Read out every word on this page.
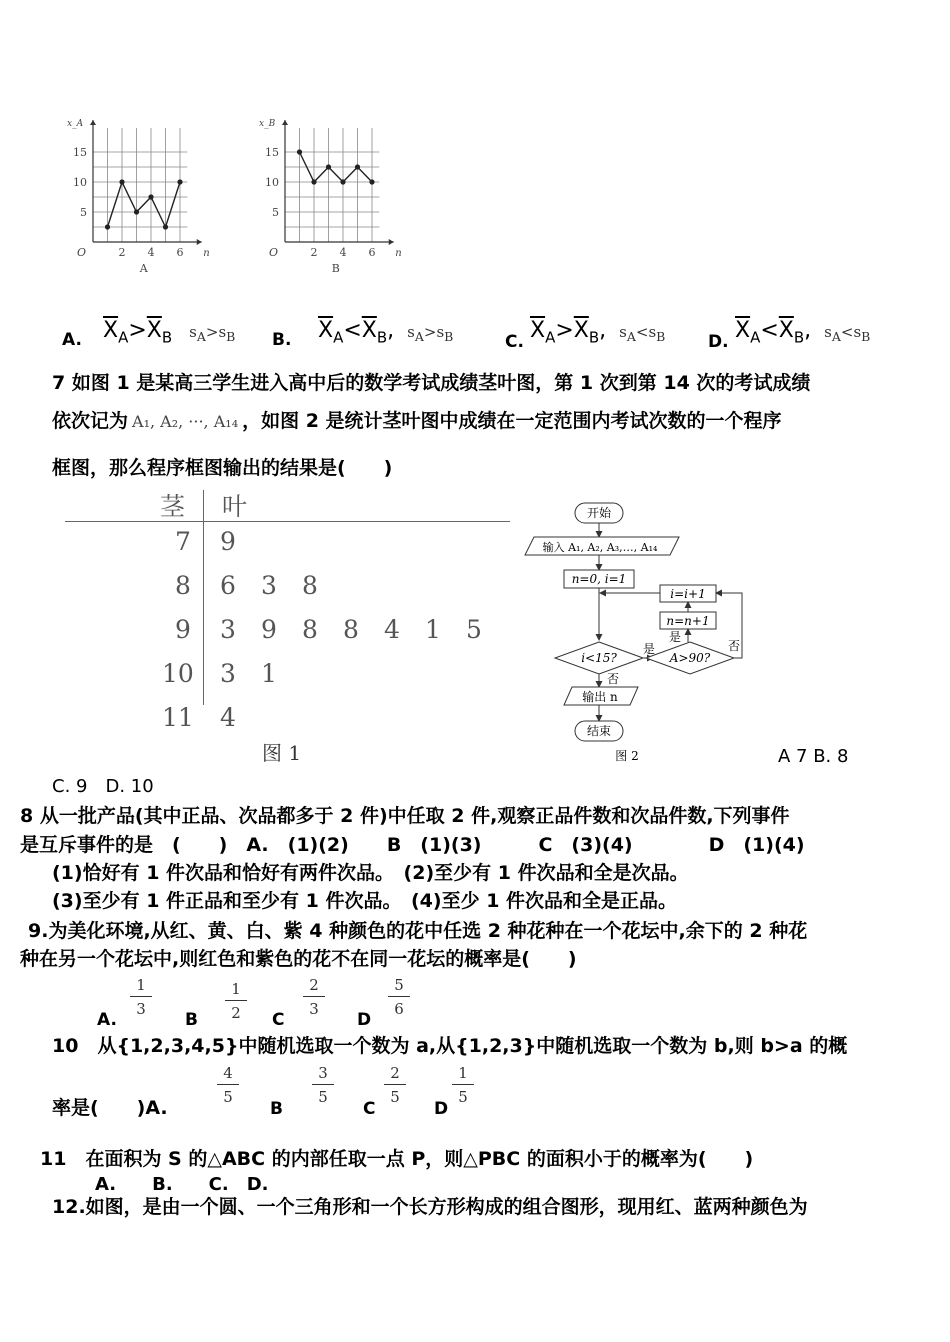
x_A
n
O
5
10
15
2 4 6
A
x_B
n
O
5
10
15
2 4 6
B
A. $\overline{X}_A>\overline{X}_B$ $s_A>s_B$ B. $\overline{X}_A<\overline{X}_B$, $s_A>s_B$	C. $\overline{X}_A>\overline{X}_B$, $s_A<s_B$	D. $\overline{X}_A<\overline{X}_B$, $s_A<s_B$
7 如图 1 是某高三学生进入高中后的数学考试成绩茎叶图，第 1 次到第 14 次的考试成绩
依次记为 A₁, A₂, ···, A₁₄ ，如图 2 是统计茎叶图中成绩在一定范围内考试次数的一个程序
框图，那么程序框图输出的结果是(　　)
茎 叶
7 9
8 6 3 8
9 3 9 8 8 4 1 5
10 3 1
11 4
图 1
开始
输入 A₁, A₂, A₃,…, A₁₄
n=0, i=1
i=i+1
n=n+1
i<15?
是
A>90?
是
否
否
输出 n
结束
图 2	A 7 B. 8
C. 9　D. 10
8 从一批产品(其中正品、次品都多于 2 件)中任取 2 件,观察正品件数和次品件数,下列事件
是互斥事件的是　(　　)　A.　(1)(2)　　B　(1)(3)　　　C　(3)(4)　　　　D　(1)(4)
(1)恰好有 1 件次品和恰好有两件次品。　(2)至少有 1 件次品和全是次品。
(3)至少有 1 件正品和至少有 1 件次品。　(4)至少 1 件次品和全是正品。
9.为美化环境,从红、黄、白、紫 4 种颜色的花中任选 2 种花种在一个花坛中,余下的 2 种花
种在另一个花坛中,则红色和紫色的花不在同一花坛的概率是(　　)
A.
$\frac{1}{3}$
B $\frac{1}{2}$ C
$\frac{2}{3}$
D
$\frac{5}{6}$
10　从{1,2,3,4,5}中随机选取一个数为 a,从{1,2,3}中随机选取一个数为 b,则 b>a 的概
率是(　　)A.
$\frac{4}{5}$
B
$\frac{3}{5}$
C
$\frac{2}{5}$
D
$\frac{1}{5}$
11　在面积为 S 的△ABC 的内部任取一点 P，则△PBC 的面积小于的概率为(　　)
A.　　B.　　C.　D.
12.如图，是由一个圆、一个三角形和一个长方形构成的组合图形，现用红、蓝两种颜色为
